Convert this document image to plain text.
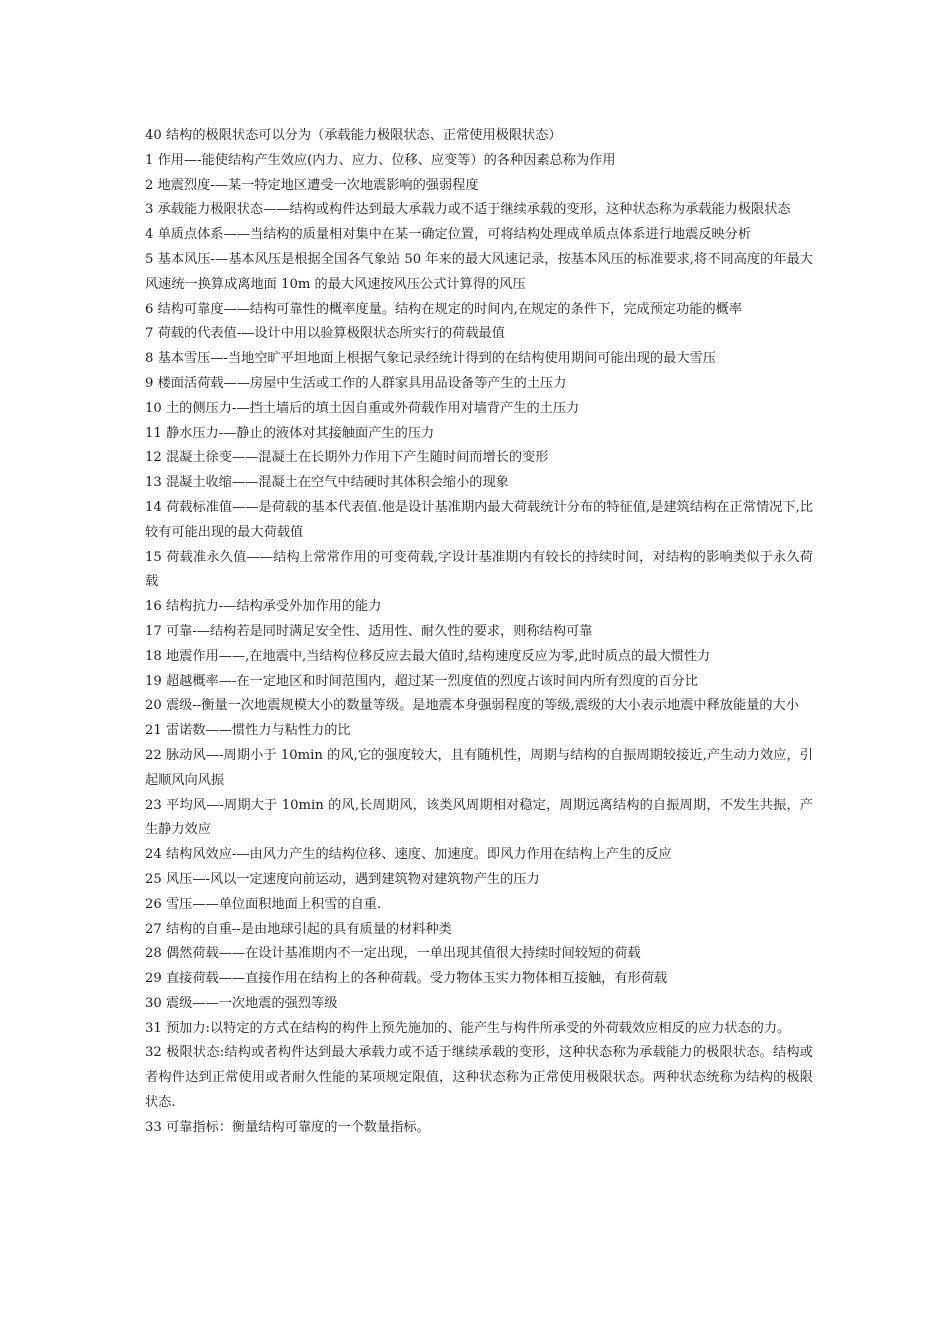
40 结构的极限状态可以分为（承载能力极限状态、正常使用极限状态）

1 作用—-能使结构产生效应(内力、应力、位移、应变等）的各种因素总称为作用

2 地震烈度-—某一特定地区遭受一次地震影响的强弱程度

3 承载能力极限状态——结构或构件达到最大承载力或不适于继续承载的变形，这种状态称为承载能力极限状态

4 单质点体系——当结构的质量相对集中在某一确定位置，可将结构处理成单质点体系进行地震反映分析

5 基本风压-—基本风压是根据全国各气象站 50 年来的最大风速记录，按基本风压的标准要求,将不同高度的年最大风速统一换算成离地面 10m 的最大风速按风压公式计算得的风压

6 结构可靠度——结构可靠性的概率度量。结构在规定的时间内,在规定的条件下，完成预定功能的概率

7 荷载的代表值-—设计中用以验算极限状态所实行的荷载最值

8 基本雪压—-当地空旷平坦地面上根据气象记录经统计得到的在结构使用期间可能出现的最大雪压

9 楼面活荷载——房屋中生活或工作的人群家具用品设备等产生的土压力

10 土的侧压力-—挡土墙后的填土因自重或外荷载作用对墙背产生的土压力

11 静水压力-—静止的液体对其接触面产生的压力

12 混凝土徐变——混凝土在长期外力作用下产生随时间而增长的变形

13 混凝土收缩——混凝土在空气中结硬时其体积会缩小的现象

14 荷载标准值——是荷载的基本代表值.他是设计基准期内最大荷载统计分布的特征值,是建筑结构在正常情况下,比较有可能出现的最大荷载值

15 荷载准永久值——结构上常常作用的可变荷载,字设计基准期内有较长的持续时间，对结构的影响类似于永久荷载

16 结构抗力-—结构承受外加作用的能力

17 可靠-—结构若是同时满足安全性、适用性、耐久性的要求，则称结构可靠

18 地震作用——,在地震中,当结构位移反应去最大值时,结构速度反应为零,此时质点的最大惯性力

19 超越概率—-在一定地区和时间范围内，超过某一烈度值的烈度占该时间内所有烈度的百分比

20 震级--衡量一次地震规模大小的数量等级。是地震本身强弱程度的等级,震级的大小表示地震中释放能量的大小

21 雷诺数——惯性力与粘性力的比

22 脉动风—-周期小于 10min 的风,它的强度较大，且有随机性，周期与结构的自振周期较接近,产生动力效应，引起顺风向风振

23 平均风—-周期大于 10min 的风,长周期风，该类风周期相对稳定，周期远离结构的自振周期，不发生共振，产生静力效应

24 结构风效应-—由风力产生的结构位移、速度、加速度。即风力作用在结构上产生的反应

25 风压—-风以一定速度向前运动，遇到建筑物对建筑物产生的压力

26 雪压——单位面积地面上积雪的自重.

27 结构的自重--是由地球引起的具有质量的材料种类

28 偶然荷载——在设计基准期内不一定出现，一单出现其值很大持续时间较短的荷载

29 直接荷载——直接作用在结构上的各种荷载。受力物体玉实力物体相互接触，有形荷载

30 震级——一次地震的强烈等级

31 预加力:以特定的方式在结构的构件上预先施加的、能产生与构件所承受的外荷载效应相反的应力状态的力。

32 极限状态:结构或者构件达到最大承载力或不适于继续承载的变形，这种状态称为承载能力的极限状态。结构或者构件达到正常使用或者耐久性能的某项规定限值，这种状态称为正常使用极限状态。两种状态统称为结构的极限状态.

33 可靠指标：衡量结构可靠度的一个数量指标。
